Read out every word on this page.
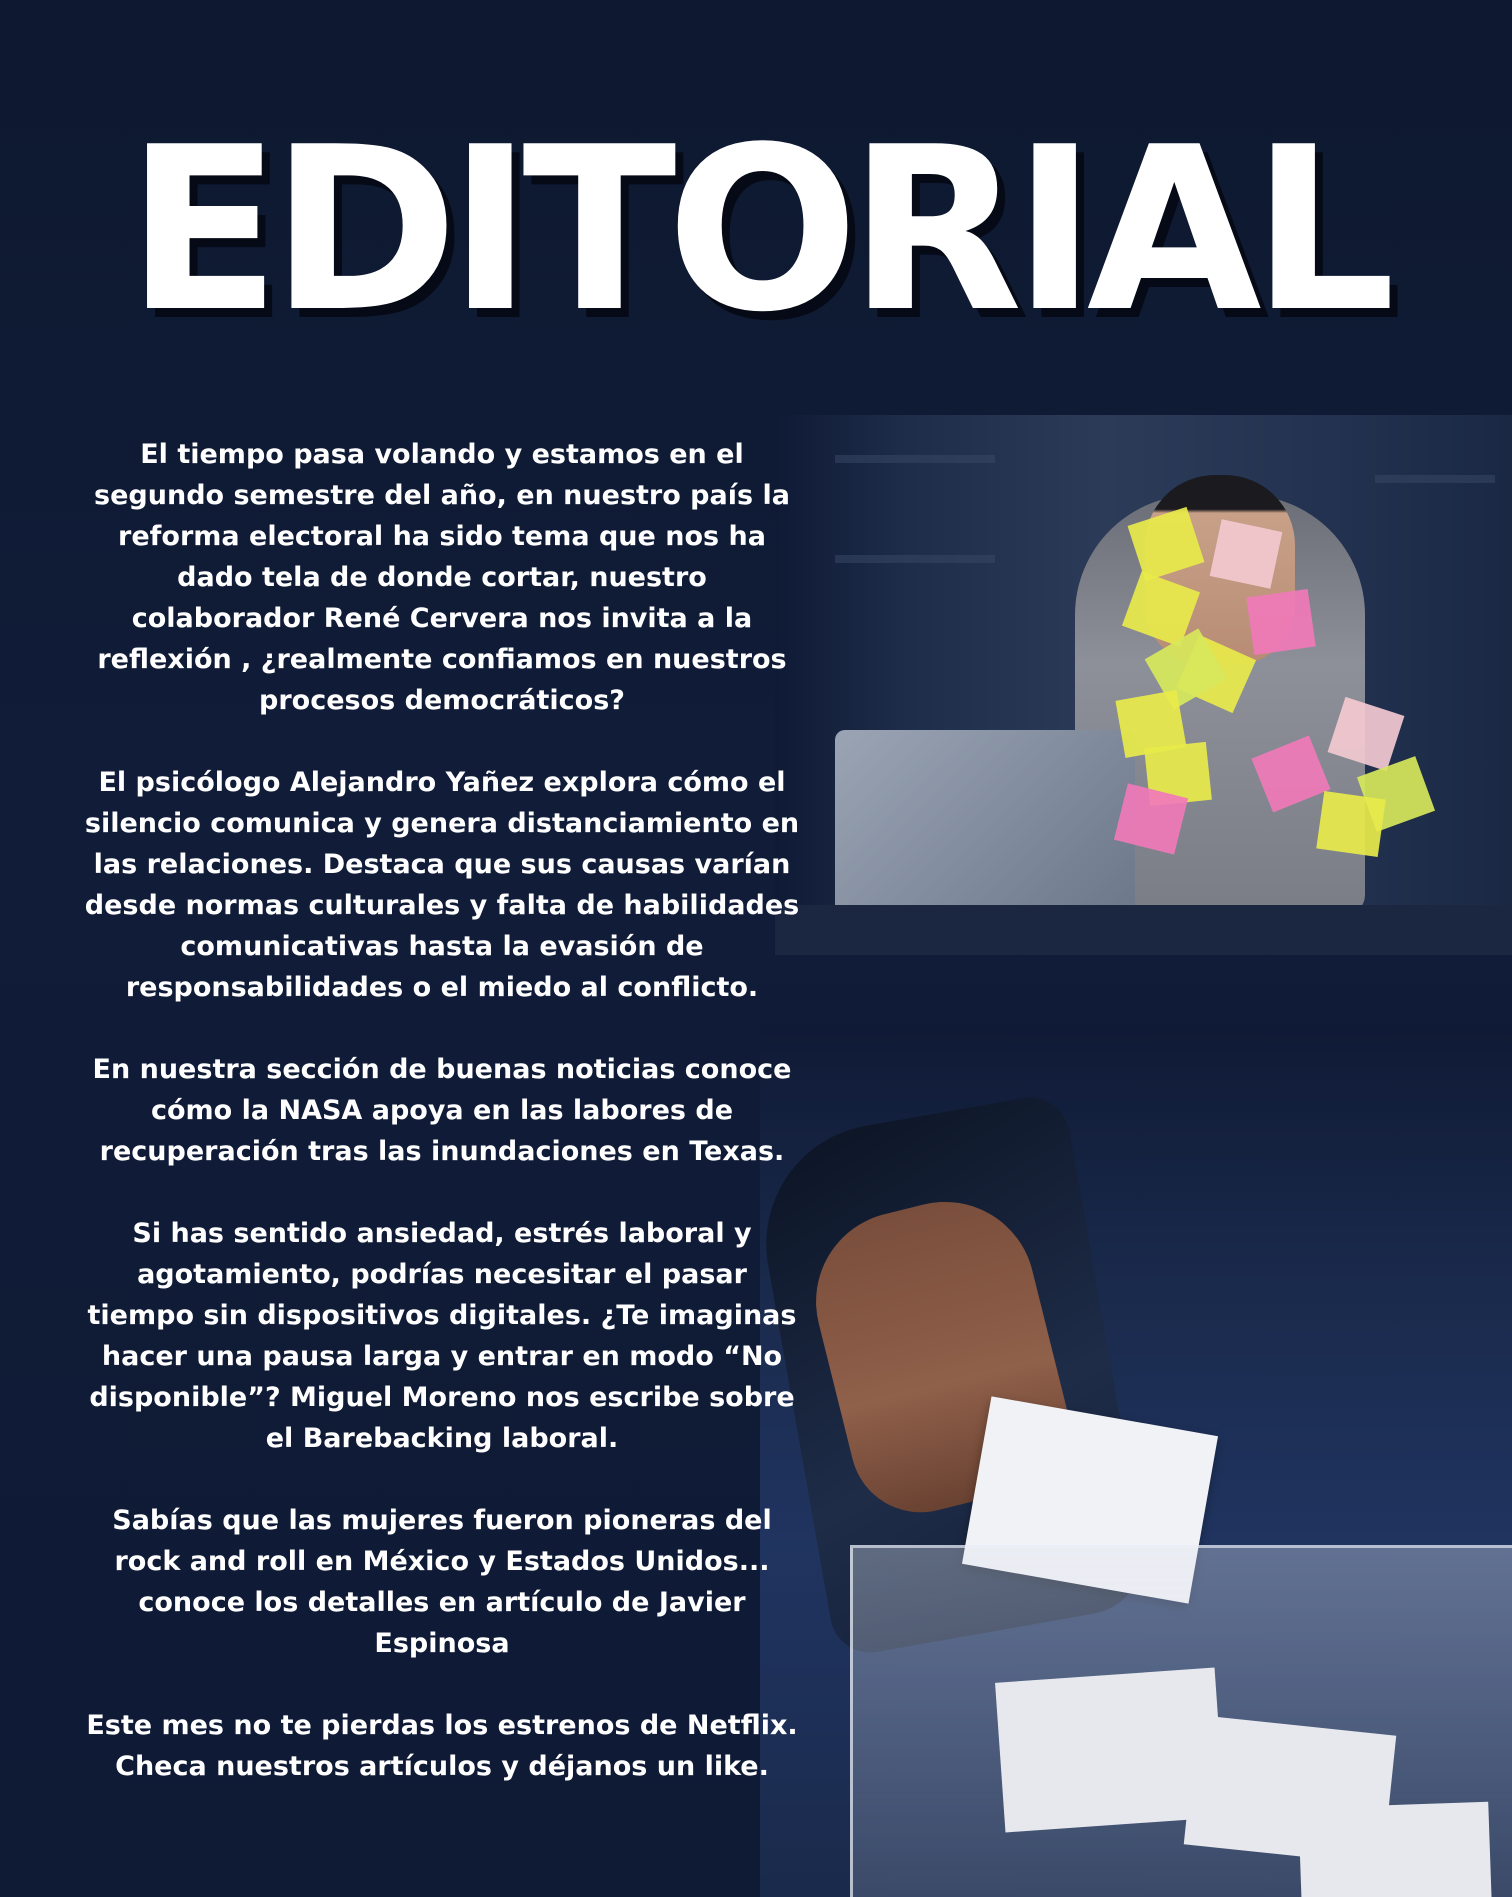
EDITORIAL

El tiempo pasa volando y estamos en el segundo semestre del año, en nuestro país la reforma electoral ha sido tema que nos ha dado tela de donde cortar, nuestro colaborador René Cervera nos invita a la reflexión , ¿realmente confiamos en nuestros procesos democráticos?

El psicólogo Alejandro Yañez explora cómo el silencio comunica y genera distanciamiento en las relaciones. Destaca que sus causas varían desde normas culturales y falta de habilidades comunicativas hasta la evasión de responsabilidades o el miedo al conflicto.

En nuestra sección de buenas noticias conoce cómo la NASA apoya en las labores de recuperación tras las inundaciones en Texas.

Si has sentido ansiedad, estrés laboral y agotamiento, podrías necesitar el pasar tiempo sin dispositivos digitales. ¿Te imaginas hacer una pausa larga y entrar en modo “No disponible”? Miguel Moreno nos escribe sobre el Barebacking laboral.

Sabías que las mujeres fueron pioneras del rock and roll en México y Estados Unidos... conoce los detalles en artículo de Javier Espinosa

Este mes no te pierdas los estrenos de Netflix. Checa nuestros artículos y déjanos un like.
